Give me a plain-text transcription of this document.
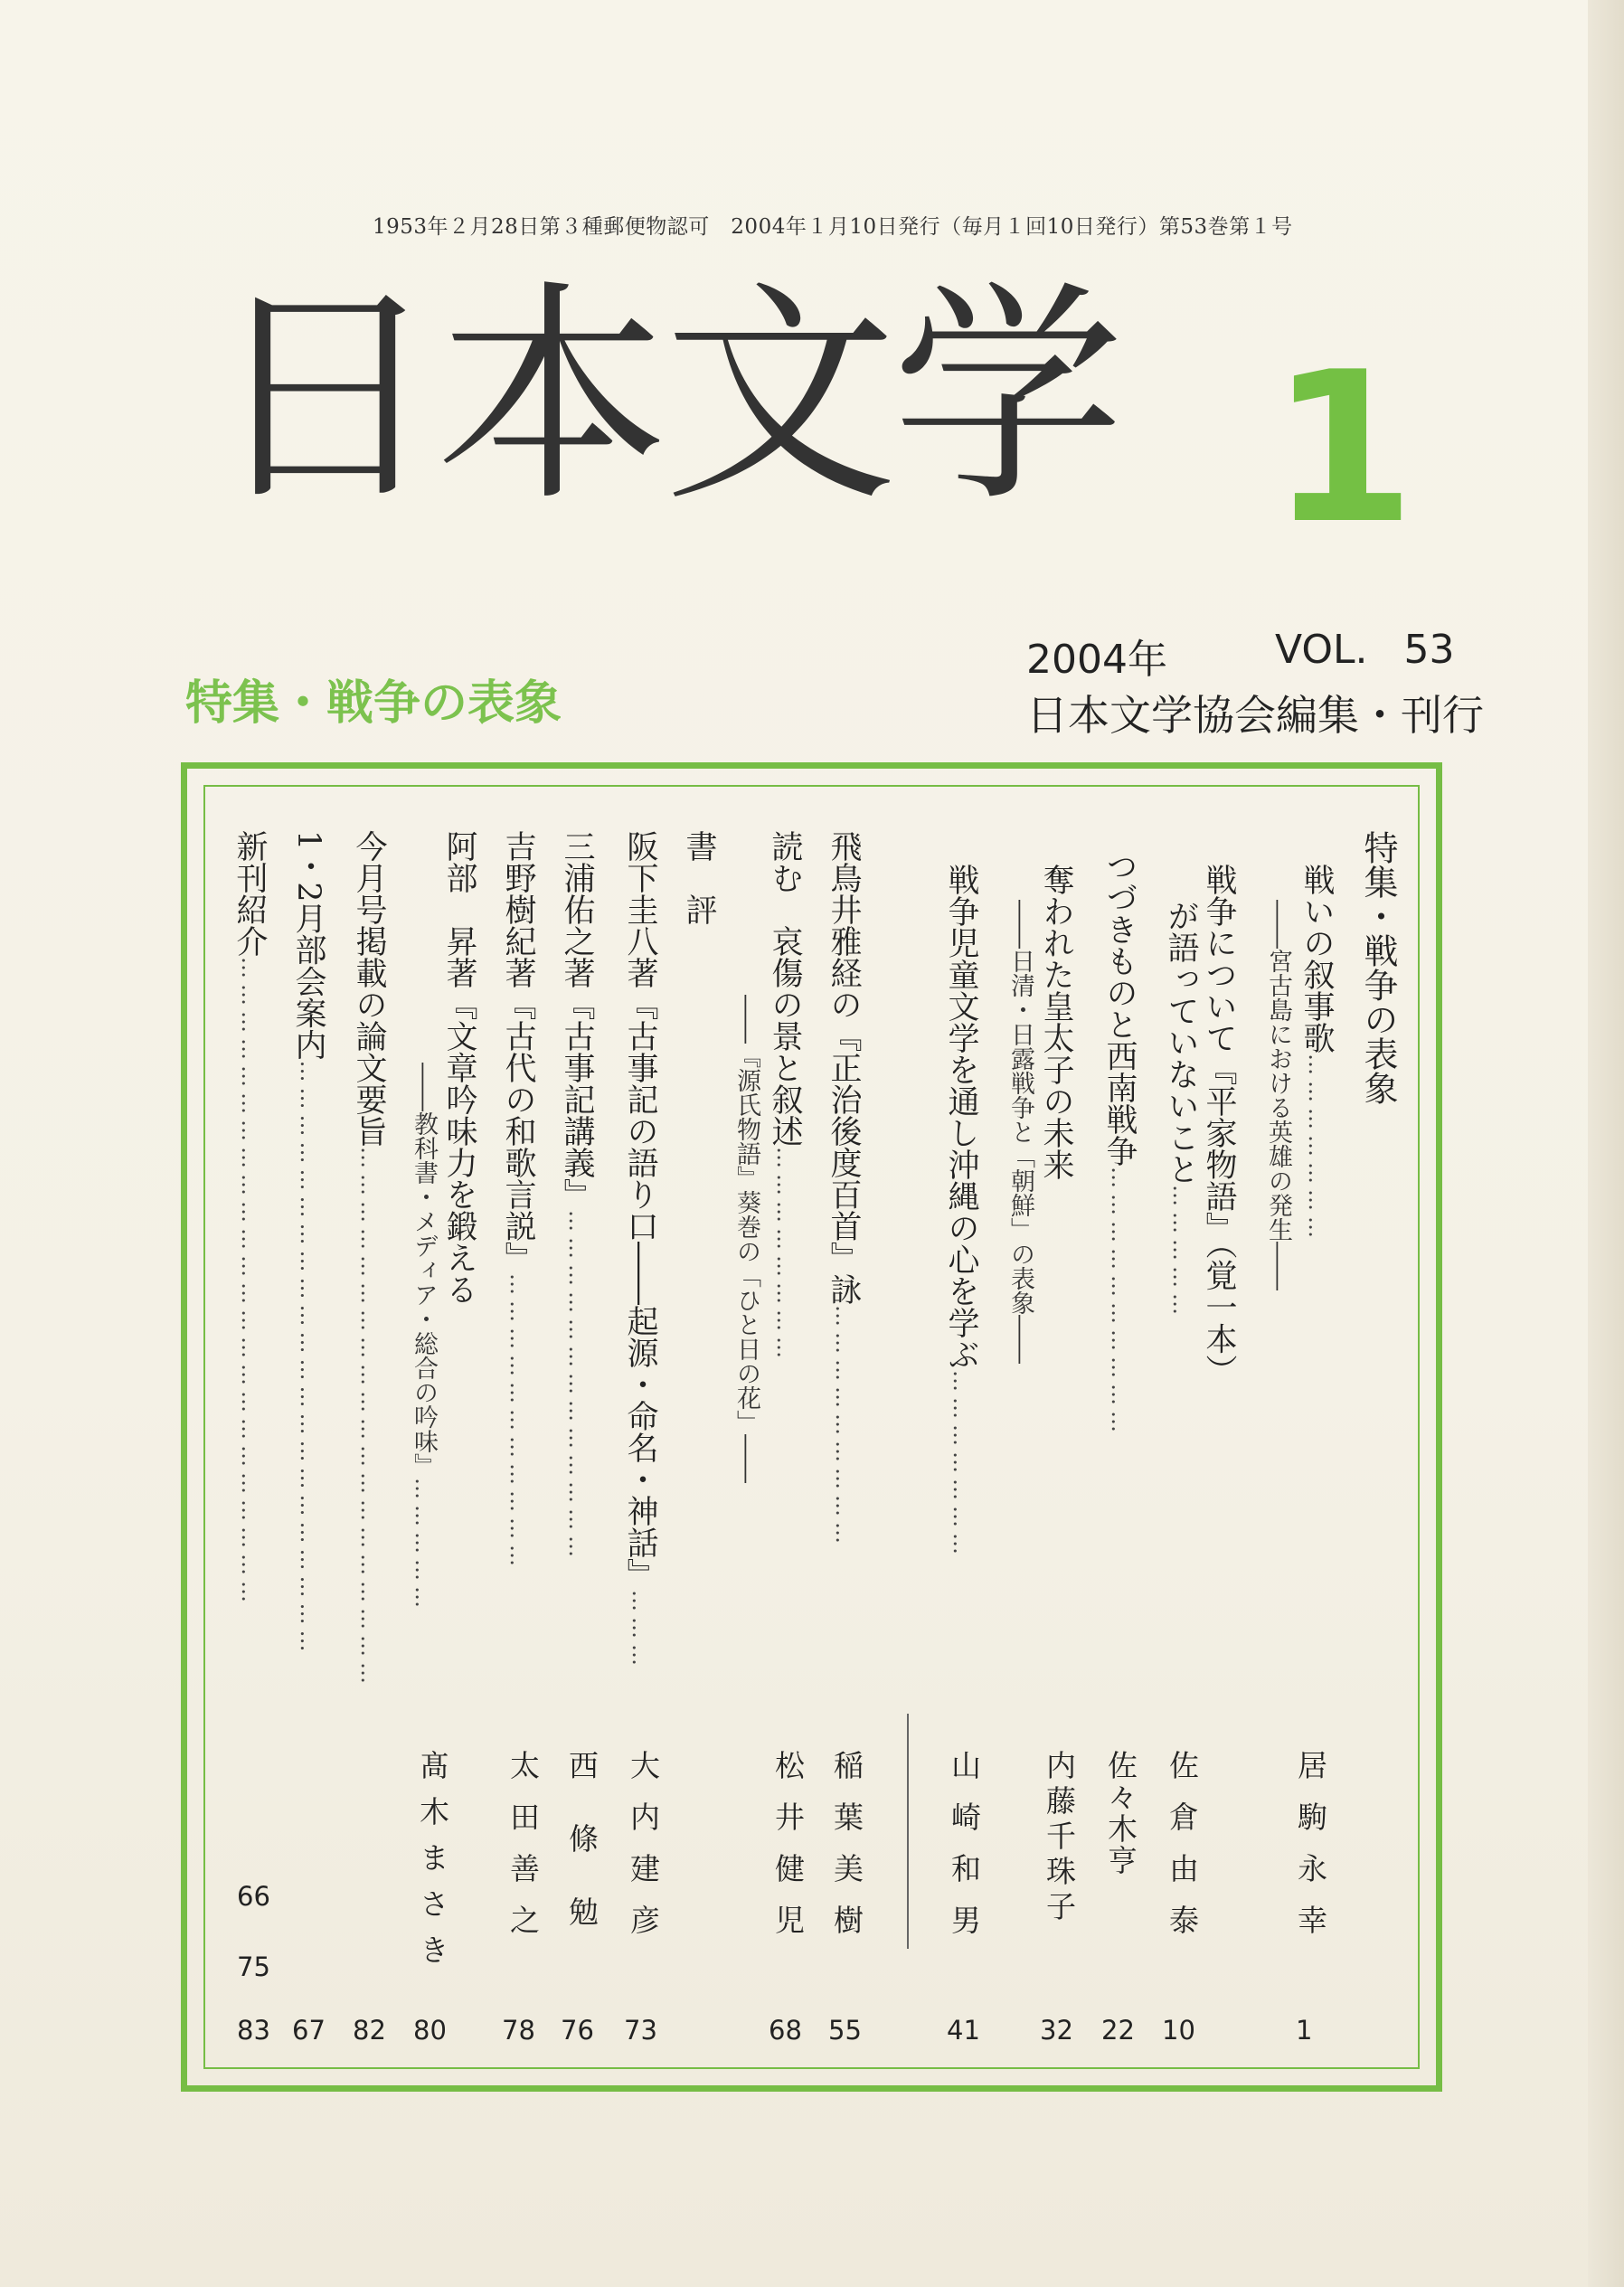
1953年２月28日第３種郵便物認可　2004年１月10日発行（毎月１回10日発行）第53巻第１号
日本文学 1
特集・戦争の表象
2004年	VOL. 53
日本文学協会編集・刊行
特集・戦争の表象
戦いの叙事歌…………………
――宮古島における英雄の発生――
居駒永幸
1
戦争について『平家物語』（覚一本）
が語っていないこと……………
佐倉由泰
10
つづきものと西南戦争…………………………
佐々木亨
22
奪われた皇太子の未来
――日清・日露戦争と「朝鮮」の表象――
内藤千珠子
32
戦争児童文学を通し沖縄の心を学ぶ…………………
山崎和男
41
飛鳥井雅経の『正治後度百首』詠………………………
稲葉美樹
55
読む　哀傷の景と叙述……………………
――『源氏物語』葵巻の「ひと日の花」――
松井健児
68
書　評
阪下圭八著『古事記の語り口――起源・命名・神話』………
大内建彦
73
三浦佑之著『古事記講義』…………………………………
西條勉
76
吉野樹紀著『古代の和歌言説』……………………………
太田善之
78
阿部　昇著『文章吟味力を鍛える
――教科書・メディア・総合の吟味』……………
髙木まさき
80
今月号掲載の論文要旨……………………………………………………
82
1・2月部会案内…………………………………………………………
67
新刊紹介………………………………………………………………
66
75
83
